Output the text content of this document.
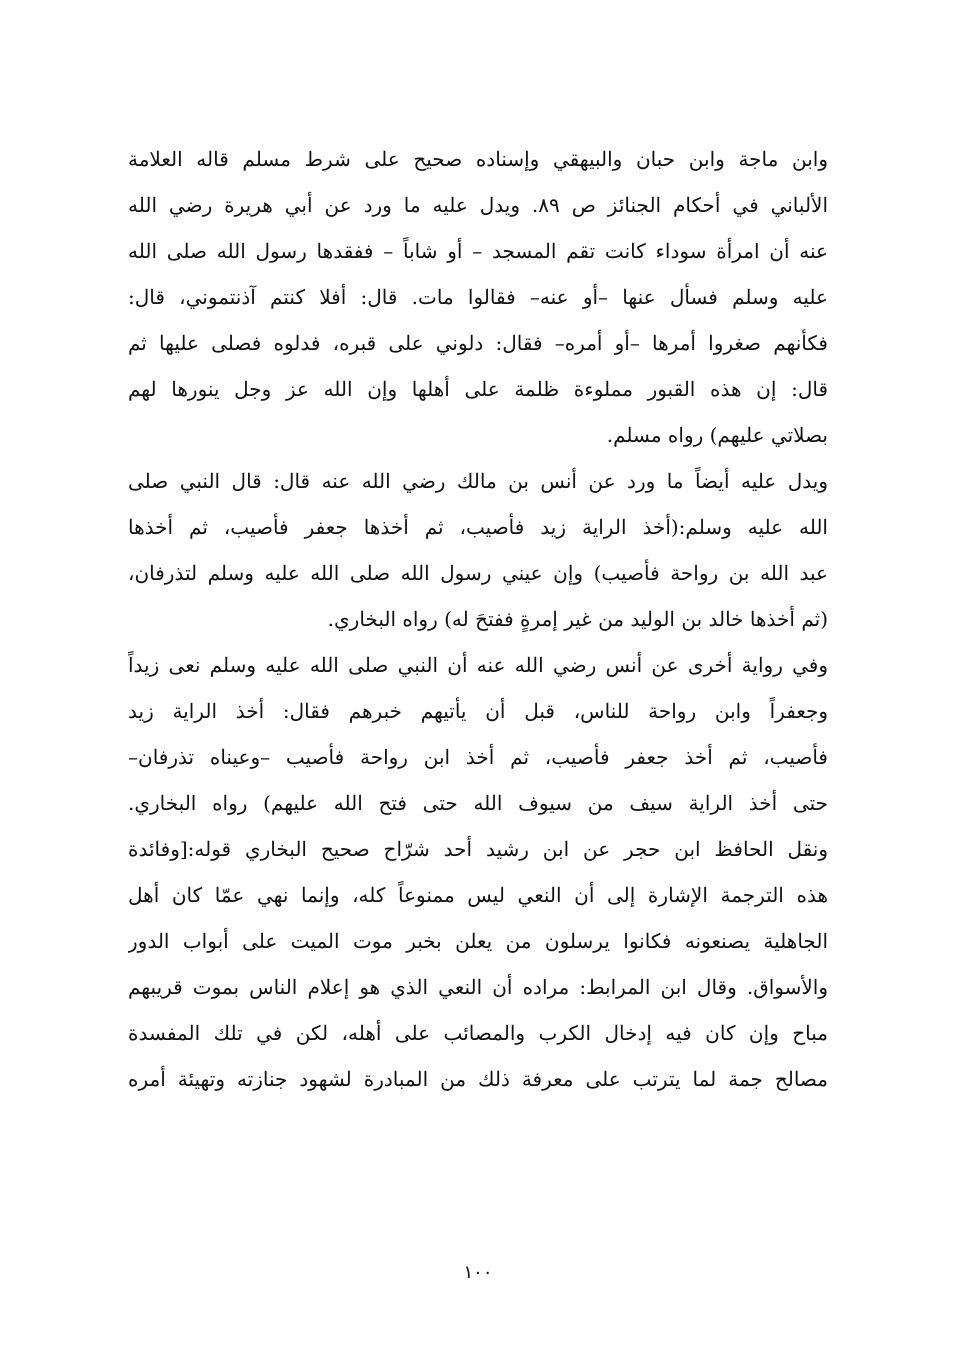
وابن ماجة وابن حبان والبيهقي وإسناده صحيح على شرط مسلم قاله العلامة
الألباني في أحكام الجنائز ص ٨٩. ويدل عليه ما ورد عن أبي هريرة رضي الله
عنه أن امرأة سوداء كانت تقم المسجد – أو شاباً – ففقدها رسول الله صلى الله
عليه وسلم فسأل عنها –أو عنه– فقالوا مات. قال: أفلا كنتم آذنتموني، قال:
فكأنهم صغروا أمرها –أو أمره– فقال: دلوني على قبره، فدلوه فصلى عليها ثم
قال: إن هذه القبور مملوءة ظلمة على أهلها وإن الله عز وجل ينورها لهم
بصلاتي عليهم) رواه مسلم.
ويدل عليه أيضاً ما ورد عن أنس بن مالك رضي الله عنه قال: قال النبي صلى
الله عليه وسلم:(أخذ الراية زيد فأصيب، ثم أخذها جعفر فأصيب، ثم أخذها
عبد الله بن رواحة فأصيب) وإن عيني رسول الله صلى الله عليه وسلم لتذرفان،
(ثم أخذها خالد بن الوليد من غير إمرةٍ ففتحَ له) رواه البخاري.
وفي رواية أخرى عن أنس رضي الله عنه أن النبي صلى الله عليه وسلم نعى زيداً
وجعفراً وابن رواحة للناس، قبل أن يأتيهم خبرهم فقال: أخذ الراية زيد
فأصيب، ثم أخذ جعفر فأصيب، ثم أخذ ابن رواحة فأصيب –وعيناه تذرفان–
حتى أخذ الراية سيف من سيوف الله حتى فتح الله عليهم) رواه البخاري.
ونقل الحافظ ابن حجر عن ابن رشيد أحد شرّاح صحيح البخاري قوله:[وفائدة
هذه الترجمة الإشارة إلى أن النعي ليس ممنوعاً كله، وإنما نهي عمّا كان أهل
الجاهلية يصنعونه فكانوا يرسلون من يعلن بخبر موت الميت على أبواب الدور
والأسواق. وقال ابن المرابط: مراده أن النعي الذي هو إعلام الناس بموت قريبهم
مباح وإن كان فيه إدخال الكرب والمصائب على أهله، لكن في تلك المفسدة
مصالح جمة لما يترتب على معرفة ذلك من المبادرة لشهود جنازته وتهيئة أمره
١٠٠
